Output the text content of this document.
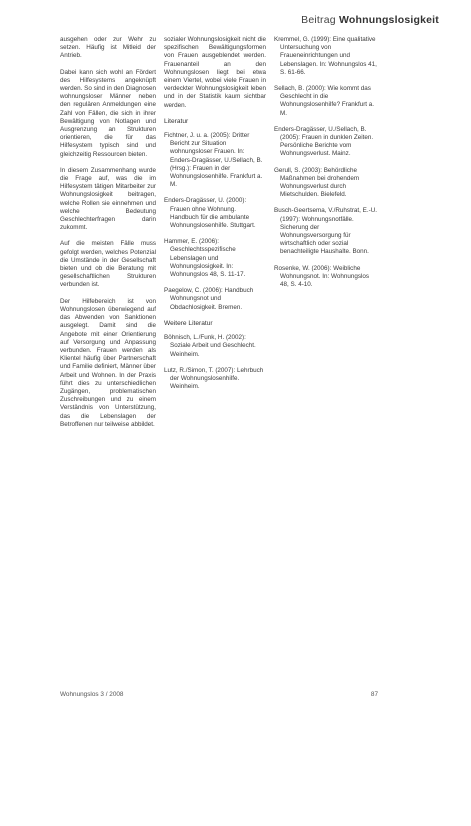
Beitrag Wohnungslosigkeit

ausgehen oder zur Wehr zu setzen. Häufig ist Mitleid der Antrieb.

Dabei kann sich wohl an Fördert des Hilfesystems angeknüpft werden. So sind in den Diagnosen wohnungsloser Männer neben den regulären Anmeldungen eine Zahl von Fällen, die sich in ihrer Bewältigung von Notlagen und Ausgrenzung an Strukturen orientieren, die für das Hilfesystem typisch sind und gleichzeitig Ressourcen bieten.

In diesem Zusammenhang wurde die Frage auf, was die im Hilfesystem tätigen Mitarbeiter zur Wohnungslosigkeit beitragen, welche Rollen sie einnehmen und welche Bedeutung Geschlechterfragen darin zukommt.

Auf die meisten Fälle muss gefolgt werden, welches Potenzial die Umstände in der Gesellschaft bieten und ob die Beratung mit gesellschaftlichen Strukturen verbunden ist.

Der Hilfebereich ist von Wohnungslosen überwiegend auf das Abwenden von Sanktionen ausgelegt. Damit sind die Angebote mit einer Orientierung auf Versorgung und Anpassung verbunden. Frauen werden als Klientel häufig über Partnerschaft und Familie definiert, Männer über Arbeit und Wohnen. In der Praxis führt dies zu unterschiedlichen Zugängen, problematischen Zuschreibungen und zu einem Verständnis von Unterstützung, das die Lebenslagen der Betroffenen nur teilweise abbildet.

sozialer Wohnungslosigkeit nicht die spezifischen Bewältigungsformen von Frauen ausgeblendet werden. Frauenanteil an den Wohnungslosen liegt bei etwa einem Viertel, wobei viele Frauen in verdeckter Wohnungslosigkeit leben und in der Statistik kaum sichtbar werden.

Literatur

Fichtner, J. u. a. (2005): Dritter Bericht zur Situation wohnungsloser Frauen. In: Enders-Dragässer, U./Sellach, B. (Hrsg.): Frauen in der Wohnungslosenhilfe. Frankfurt a. M.

Enders-Dragässer, U. (2000): Frauen ohne Wohnung. Handbuch für die ambulante Wohnungslosenhilfe. Stuttgart.

Hammer, E. (2006): Geschlechtsspezifische Lebenslagen und Wohnungslosigkeit. In: Wohnungslos 48, S. 11-17.

Paegelow, C. (2006): Handbuch Wohnungsnot und Obdachlosigkeit. Bremen.

Weitere Literatur

Böhnisch, L./Funk, H. (2002): Soziale Arbeit und Geschlecht. Weinheim.

Lutz, R./Simon, T. (2007): Lehrbuch der Wohnungslosenhilfe. Weinheim.

Kremmel, G. (1999): Eine qualitative Untersuchung von Fraueneinrichtungen und Lebenslagen. In: Wohnungslos 41, S. 61-66.

Sellach, B. (2000): Wie kommt das Geschlecht in die Wohnungslosenhilfe? Frankfurt a. M.

Enders-Dragässer, U./Sellach, B. (2005): Frauen in dunklen Zeiten. Persönliche Berichte vom Wohnungsverlust. Mainz.

Gerull, S. (2003): Behördliche Maßnahmen bei drohendem Wohnungsverlust durch Mietschulden. Bielefeld.

Busch-Geertsema, V./Ruhstrat, E.-U. (1997): Wohnungsnotfälle. Sicherung der Wohnungsversorgung für wirtschaftlich oder sozial benachteiligte Haushalte. Bonn.

Rosenke, W. (2006): Weibliche Wohnungsnot. In: Wohnungslos 48, S. 4-10.

Wohnungslos 3 / 2008	87
